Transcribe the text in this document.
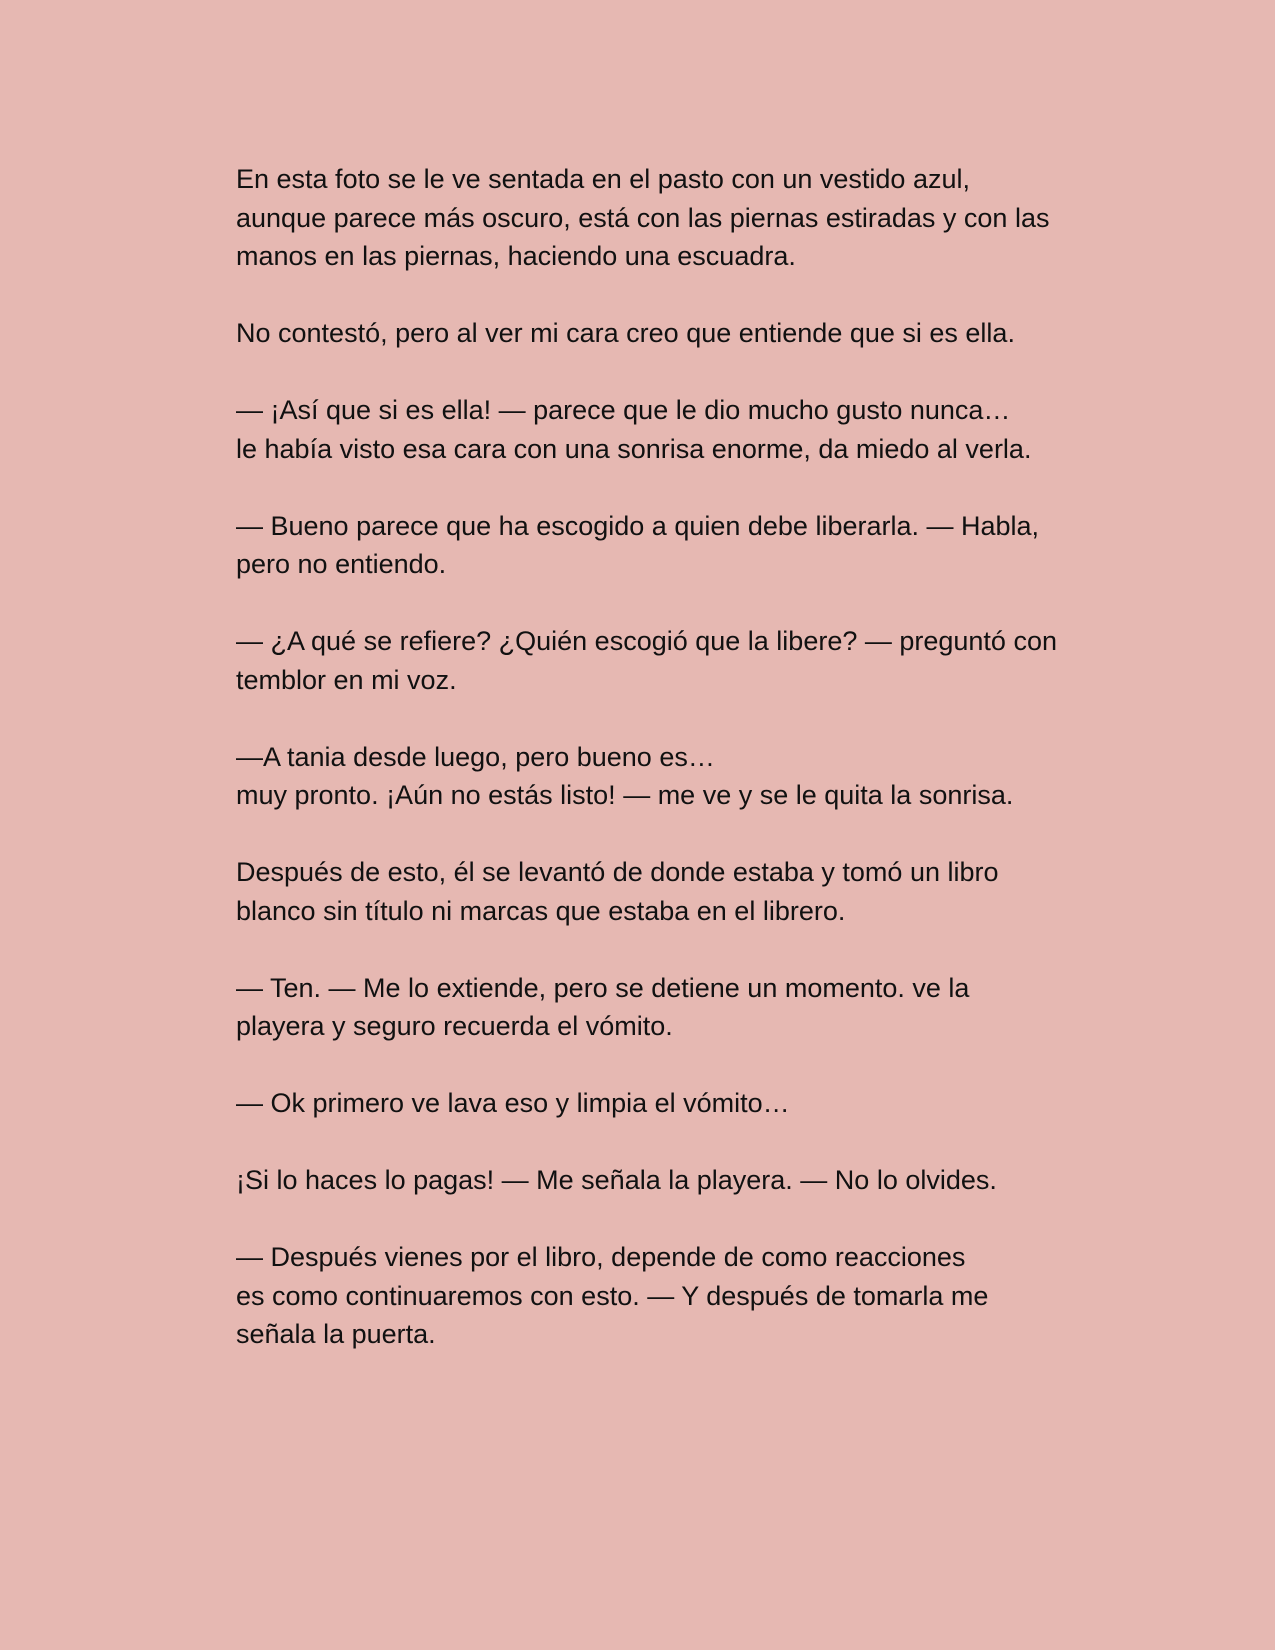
En esta foto se le ve sentada en el pasto con un vestido azul,
aunque parece más oscuro, está con las piernas estiradas y con las
manos en las piernas, haciendo una escuadra.

No contestó, pero al ver mi cara creo que entiende que si es ella.

— ¡Así que si es ella! — parece que le dio mucho gusto nunca…
le había visto esa cara con una sonrisa enorme, da miedo al verla.

— Bueno parece que ha escogido a quien debe liberarla. — Habla,
pero no entiendo.

— ¿A qué se refiere? ¿Quién escogió que la libere? — preguntó con
temblor en mi voz.

—A tania desde luego, pero bueno es…
muy pronto. ¡Aún no estás listo! — me ve y se le quita la sonrisa.

Después de esto, él se levantó de donde estaba y tomó un libro
blanco sin título ni marcas que estaba en el librero.

— Ten. — Me lo extiende, pero se detiene un momento. ve la
playera y seguro recuerda el vómito.

— Ok primero ve lava eso y limpia el vómito…

¡Si lo haces lo pagas! — Me señala la playera. — No lo olvides.

— Después vienes por el libro, depende de como reacciones
es como continuaremos con esto. — Y después de tomarla me
señala la puerta.
